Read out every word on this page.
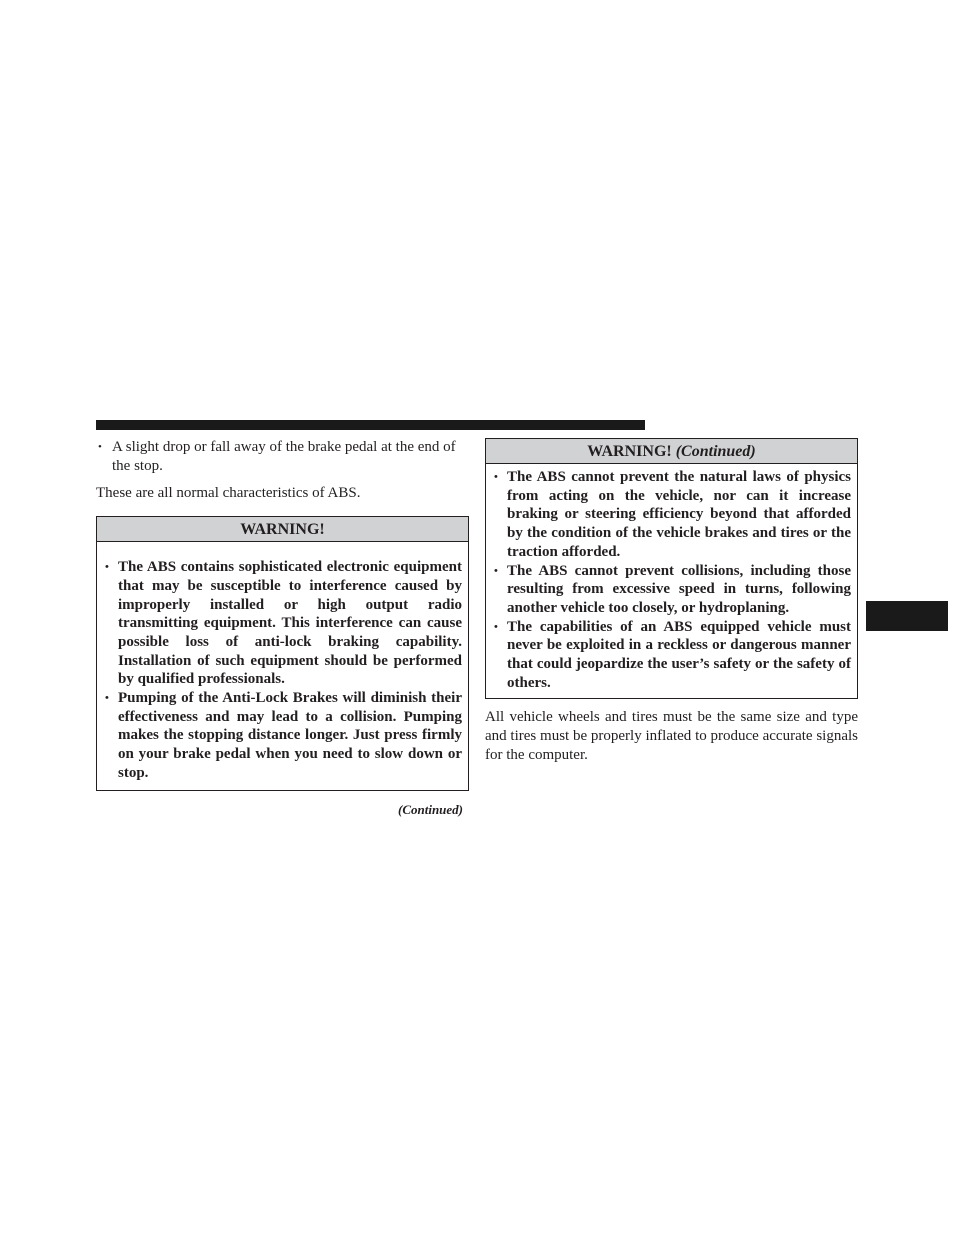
• A slight drop or fall away of the brake pedal at the end of the stop.

These are all normal characteristics of ABS.

WARNING!
• The ABS contains sophisticated electronic equipment that may be susceptible to interference caused by improperly installed or high output radio transmitting equipment. This interference can cause possible loss of anti-lock braking capability. Installation of such equipment should be performed by qualified professionals.
• Pumping of the Anti-Lock Brakes will diminish their effectiveness and may lead to a collision. Pumping makes the stopping distance longer. Just press firmly on your brake pedal when you need to slow down or stop.
(Continued)
WARNING! (Continued)
• The ABS cannot prevent the natural laws of physics from acting on the vehicle, nor can it increase braking or steering efficiency beyond that afforded by the condition of the vehicle brakes and tires or the traction afforded.
• The ABS cannot prevent collisions, including those resulting from excessive speed in turns, following another vehicle too closely, or hydroplaning.
• The capabilities of an ABS equipped vehicle must never be exploited in a reckless or dangerous manner that could jeopardize the user’s safety or the safety of others.

All vehicle wheels and tires must be the same size and type and tires must be properly inflated to produce accurate signals for the computer.
